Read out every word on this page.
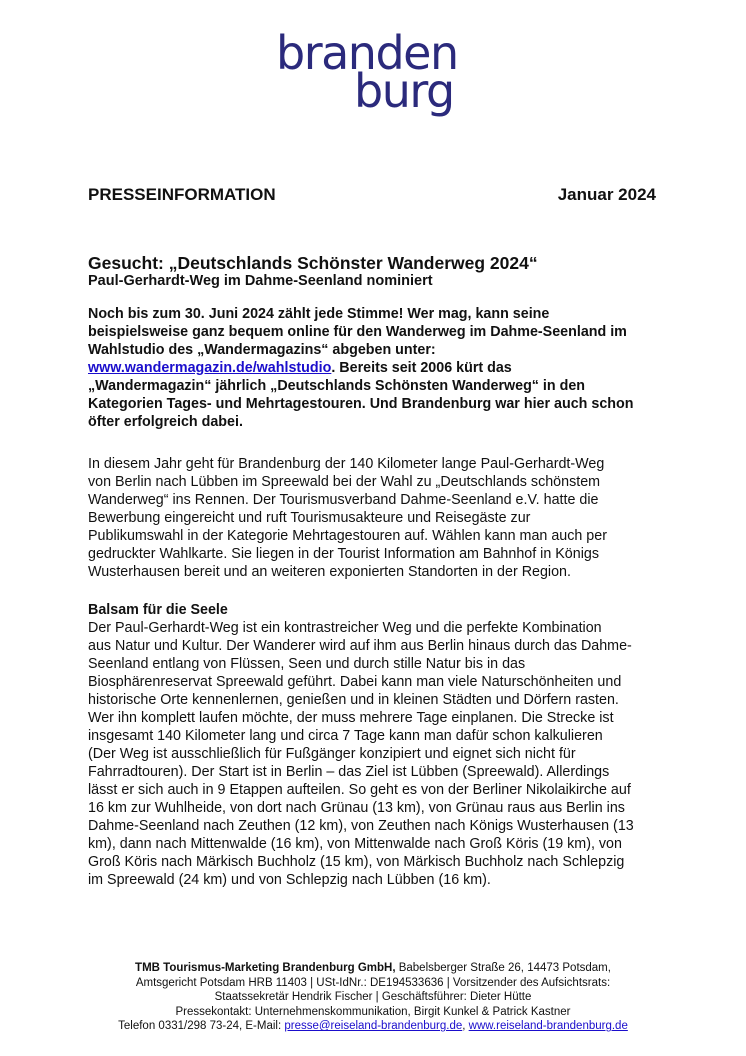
branden
burg
PRESSEINFORMATION	Januar 2024
Gesucht: „Deutschlands Schönster Wanderweg 2024“
Paul-Gerhardt-Weg im Dahme-Seenland nominiert
Noch bis zum 30. Juni 2024 zählt jede Stimme! Wer mag, kann seine
beispielsweise ganz bequem online für den Wanderweg im Dahme-Seenland im
Wahlstudio des „Wandermagazins“ abgeben unter:
www.wandermagazin.de/wahlstudio. Bereits seit 2006 kürt das
„Wandermagazin“ jährlich „Deutschlands Schönsten Wanderweg“ in den
Kategorien Tages- und Mehrtagestouren. Und Brandenburg war hier auch schon
öfter erfolgreich dabei.
In diesem Jahr geht für Brandenburg der 140 Kilometer lange Paul-Gerhardt-Weg
von Berlin nach Lübben im Spreewald bei der Wahl zu „Deutschlands schönstem
Wanderweg“ ins Rennen. Der Tourismusverband Dahme-Seenland e.V. hatte die
Bewerbung eingereicht und ruft Tourismusakteure und Reisegäste zur
Publikumswahl in der Kategorie Mehrtagestouren auf. Wählen kann man auch per
gedruckter Wahlkarte. Sie liegen in der Tourist Information am Bahnhof in Königs
Wusterhausen bereit und an weiteren exponierten Standorten in der Region.
Balsam für die Seele
Der Paul-Gerhardt-Weg ist ein kontrastreicher Weg und die perfekte Kombination
aus Natur und Kultur. Der Wanderer wird auf ihm aus Berlin hinaus durch das Dahme-
Seenland entlang von Flüssen, Seen und durch stille Natur bis in das
Biosphärenreservat Spreewald geführt. Dabei kann man viele Naturschönheiten und
historische Orte kennenlernen, genießen und in kleinen Städten und Dörfern rasten.
Wer ihn komplett laufen möchte, der muss mehrere Tage einplanen. Die Strecke ist
insgesamt 140 Kilometer lang und circa 7 Tage kann man dafür schon kalkulieren
(Der Weg ist ausschließlich für Fußgänger konzipiert und eignet sich nicht für
Fahrradtouren). Der Start ist in Berlin – das Ziel ist Lübben (Spreewald). Allerdings
lässt er sich auch in 9 Etappen aufteilen. So geht es von der Berliner Nikolaikirche auf
16 km zur Wuhlheide, von dort nach Grünau (13 km), von Grünau raus aus Berlin ins
Dahme-Seenland nach Zeuthen (12 km), von Zeuthen nach Königs Wusterhausen (13
km), dann nach Mittenwalde (16 km), von Mittenwalde nach Groß Köris (19 km), von
Groß Köris nach Märkisch Buchholz (15 km), von Märkisch Buchholz nach Schlepzig
im Spreewald (24 km) und von Schlepzig nach Lübben (16 km).
TMB Tourismus-Marketing Brandenburg GmbH, Babelsberger Straße 26, 14473 Potsdam,
Amtsgericht Potsdam HRB 11403 | USt-IdNr.: DE194533636 | Vorsitzender des Aufsichtsrats:
Staatssekretär Hendrik Fischer | Geschäftsführer: Dieter Hütte
Pressekontakt: Unternehmenskommunikation, Birgit Kunkel & Patrick Kastner
Telefon 0331/298 73-24, E-Mail: presse@reiseland-brandenburg.de, www.reiseland-brandenburg.de
